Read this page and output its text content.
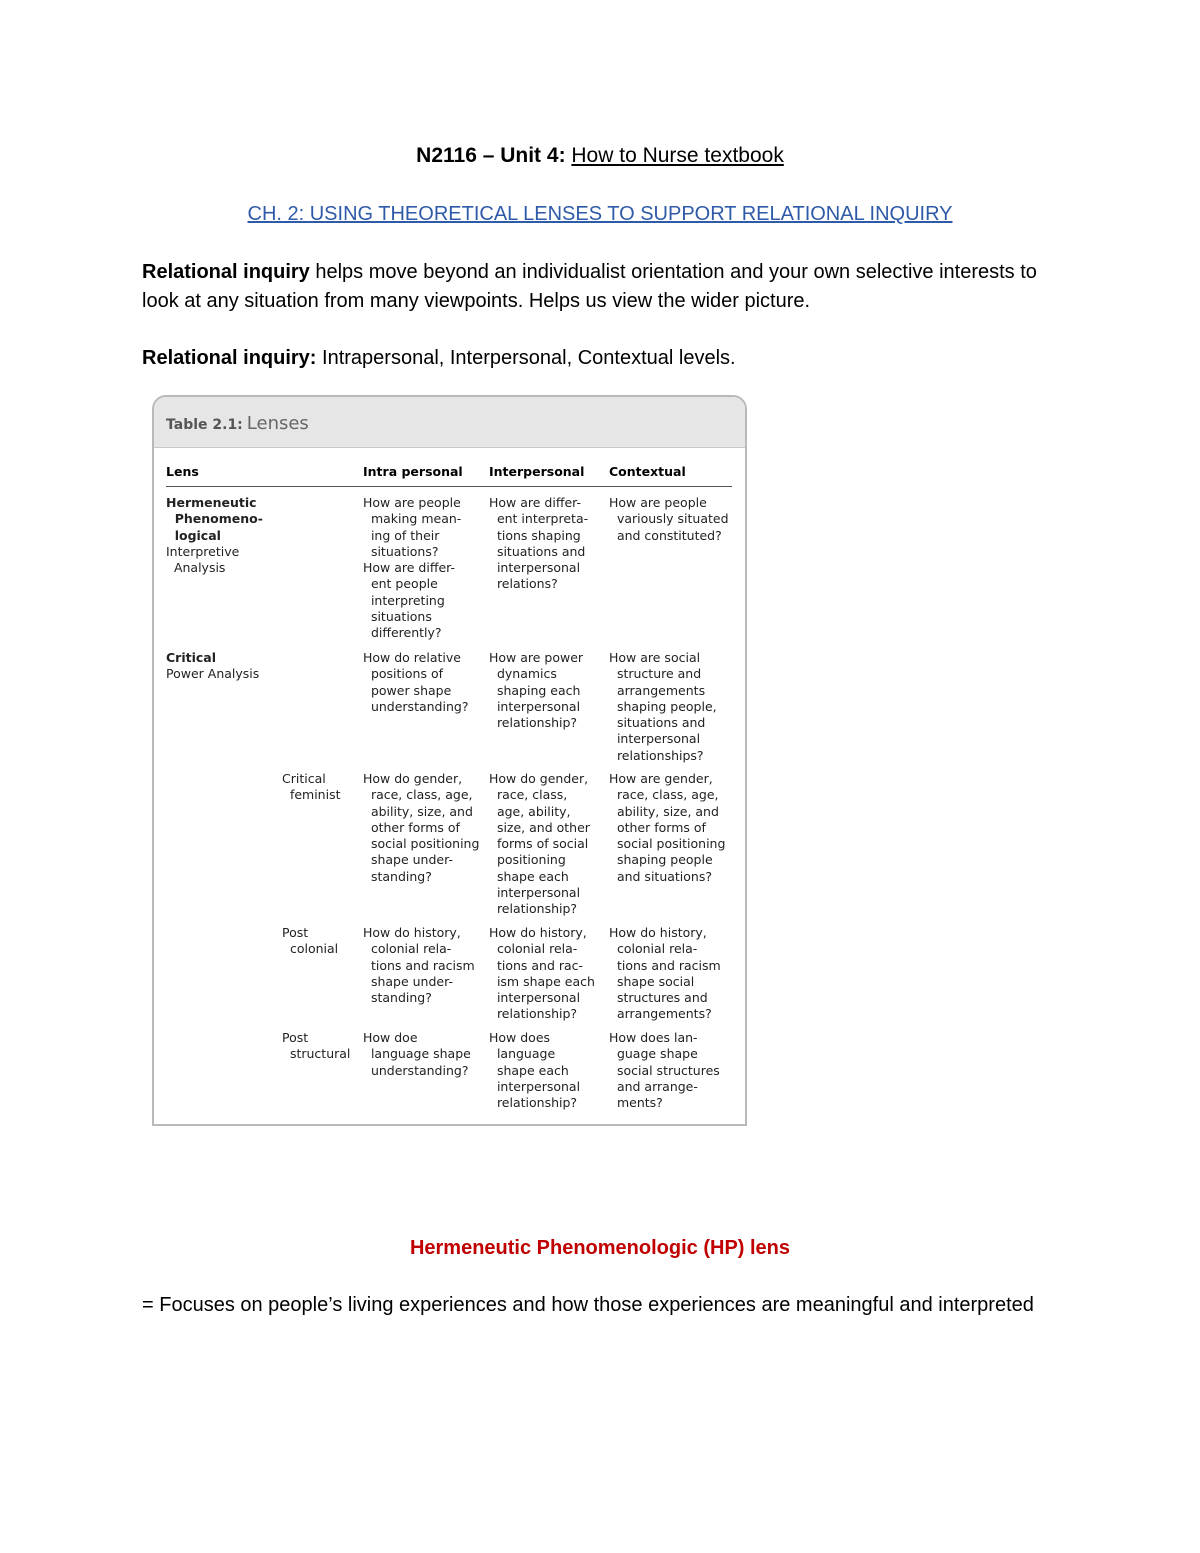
N2116 – Unit 4: How to Nurse textbook
CH. 2: USING THEORETICAL LENSES TO SUPPORT RELATIONAL INQUIRY
Relational inquiry helps move beyond an individualist orientation and your own selective interests to look at any situation from many viewpoints. Helps us view the wider picture.
Relational inquiry: Intrapersonal, Interpersonal, Contextual levels.
Table 2.1: Lenses
Lens	Intra personal Interpersonal Contextual
Hermeneutic
Phenomeno-
logical
Interpretive
Analysis
How are people
making mean-
ing of their
situations?
How are differ-
ent people
interpreting
situations
differently?
How are differ-
ent interpreta-
tions shaping
situations and
interpersonal
relations?
How are people
variously situated
and constituted?
Critical
Power Analysis
How do relative
positions of
power shape
understanding?
How are power
dynamics
shaping each
interpersonal
relationship?
How are social
structure and
arrangements
shaping people,
situations and
interpersonal
relationships?
Critical
feminist
How do gender,
race, class, age,
ability, size, and
other forms of
social positioning
shape under-
standing?
How do gender,
race, class,
age, ability,
size, and other
forms of social
positioning
shape each
interpersonal
relationship?
How are gender,
race, class, age,
ability, size, and
other forms of
social positioning
shaping people
and situations?
Post
colonial
How do history,
colonial rela-
tions and racism
shape under-
standing?
How do history,
colonial rela-
tions and rac-
ism shape each
interpersonal
relationship?
How do history,
colonial rela-
tions and racism
shape social
structures and
arrangements?
Post
structural
How doe
language shape
understanding?
How does
language
shape each
interpersonal
relationship?
How does lan-
guage shape
social structures
and arrange-
ments?
Hermeneutic Phenomenologic (HP) lens
= Focuses on people’s living experiences and how those experiences are meaningful and interpreted
